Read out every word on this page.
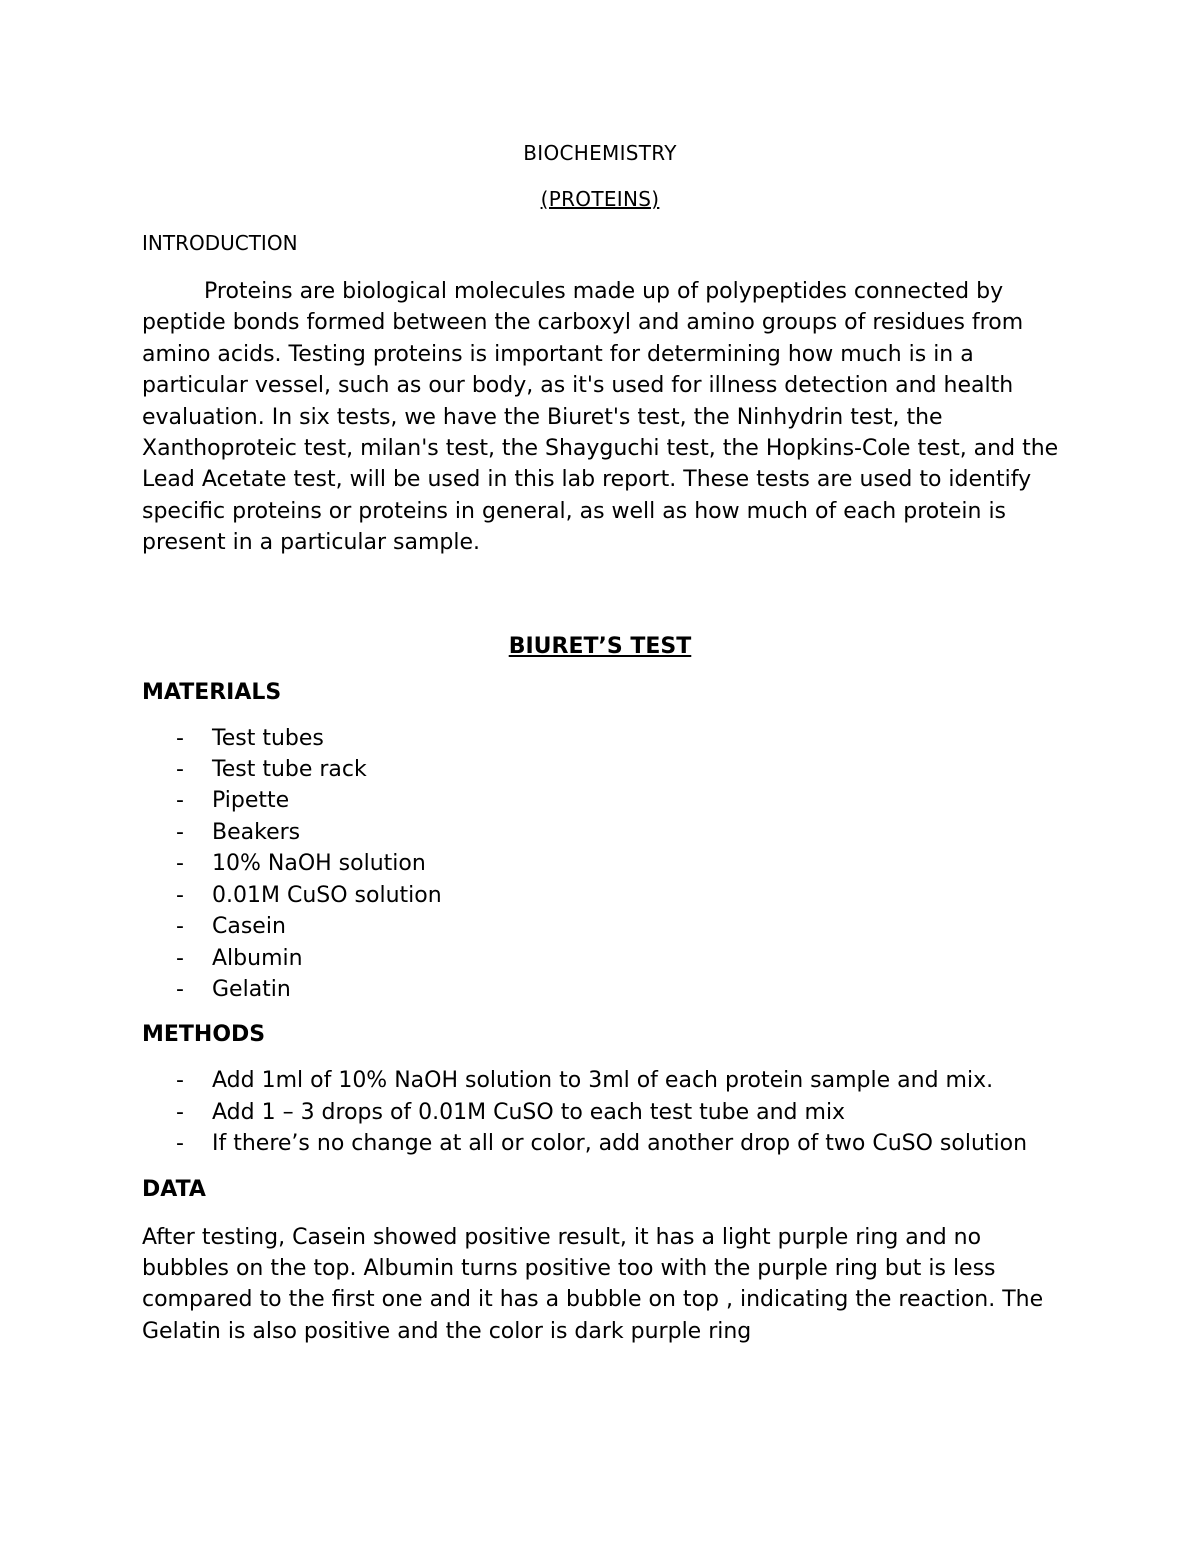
BIOCHEMISTRY

(PROTEINS)

INTRODUCTION

Proteins are biological molecules made up of polypeptides connected by peptide bonds formed between the carboxyl and amino groups of residues from amino acids. Testing proteins is important for determining how much is in a particular vessel, such as our body, as it's used for illness detection and health evaluation. In six tests, we have the Biuret's test, the Ninhydrin test, the Xanthoproteic test, milan's test, the Shayguchi test, the Hopkins-Cole test, and the Lead Acetate test, will be used in this lab report. These tests are used to identify specific proteins or proteins in general, as well as how much of each protein is present in a particular sample.

BIURET’S TEST

MATERIALS

- Test tubes
- Test tube rack
- Pipette
- Beakers
- 10% NaOH solution
- 0.01M CuSO solution
- Casein
- Albumin
- Gelatin

METHODS

- Add 1ml of 10% NaOH solution to 3ml of each protein sample and mix.
- Add 1 – 3 drops of 0.01M CuSO to each test tube and mix
- If there’s no change at all or color, add another drop of two CuSO solution

DATA

After testing, Casein showed positive result, it has a light purple ring and no bubbles on the top. Albumin turns positive too with the purple ring but is less compared to the first one and it has a bubble on top , indicating the reaction. The Gelatin is also positive and the color is dark purple ring
